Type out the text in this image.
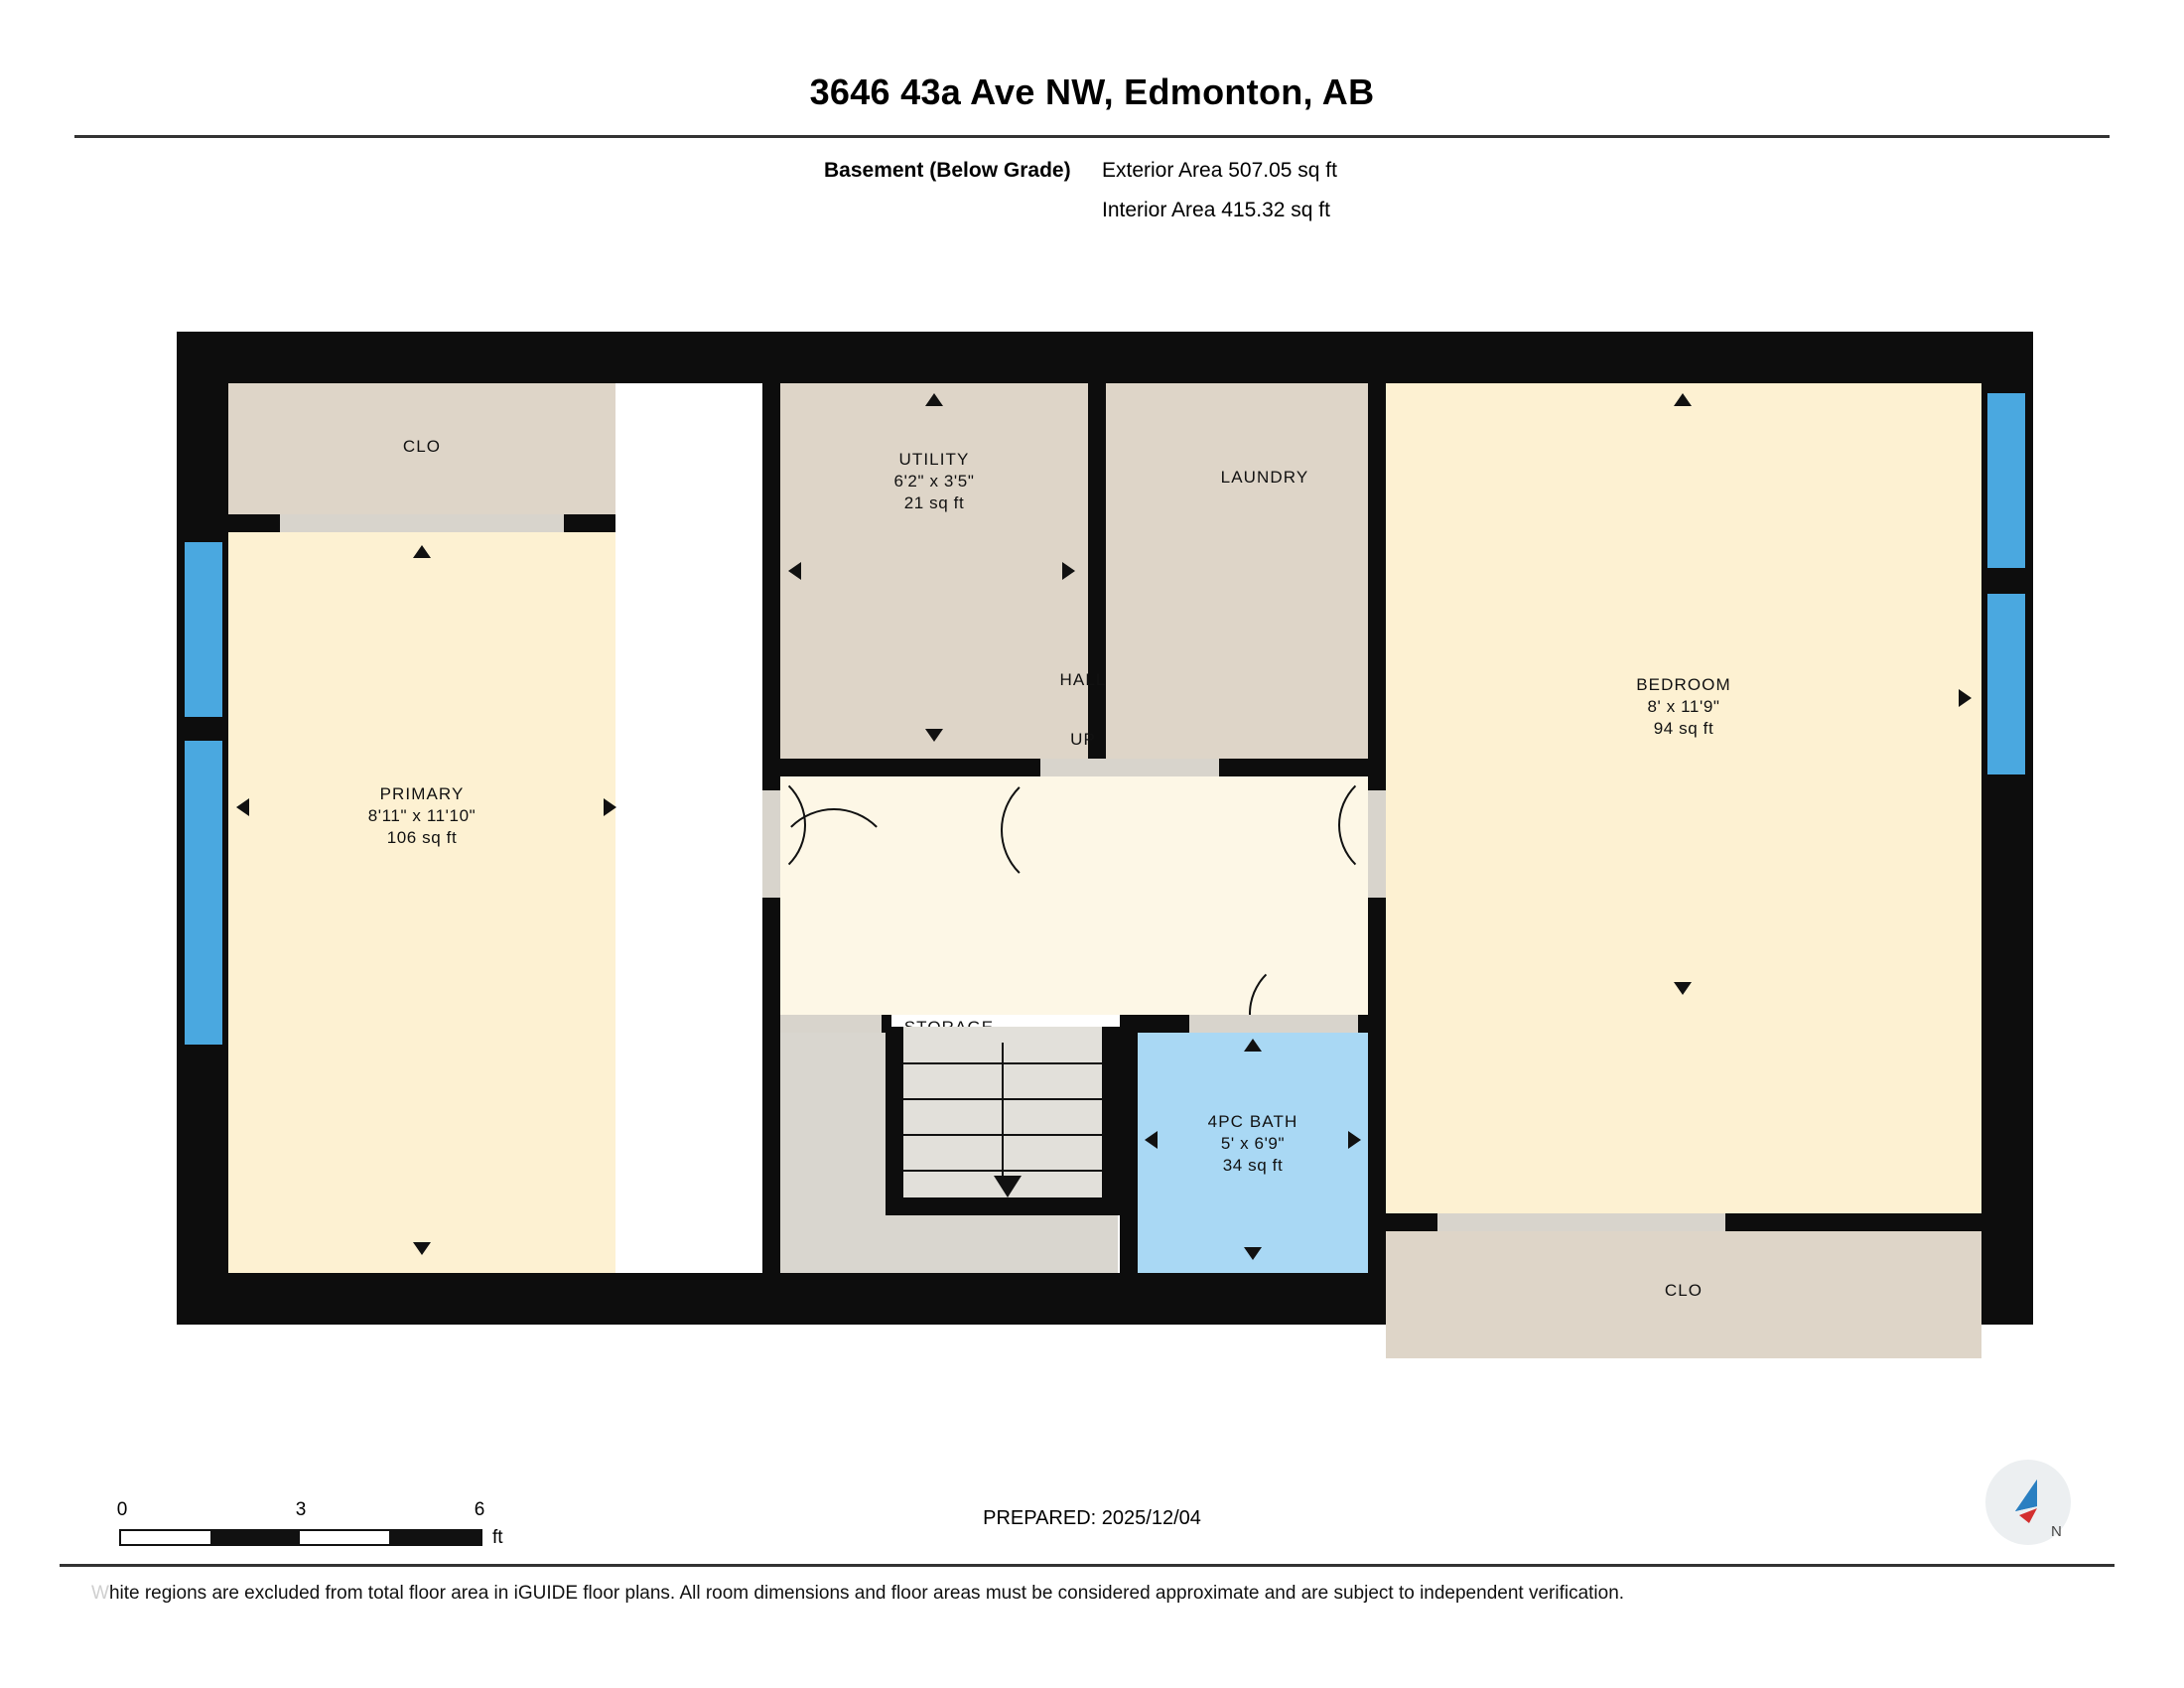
3646 43a Ave NW, Edmonton, AB
Basement (Below Grade)	Exterior Area 507.05 sq ft
Interior Area 415.32 sq ft
CLO
PRIMARY
8'11" x 11'10"
106 sq ft
UTILITY
6'2" x 3'5"
21 sq ft
LAUNDRY
BEDROOM
8' x 11'9"
94 sq ft
CLO
HALL
UP
4PC BATH
5' x 6'9"
34 sq ft
0	3	6
ft
PREPARED: 2025/12/04
N
White regions are excluded from total floor area in iGUIDE floor plans. All room dimensions and floor areas must be considered approximate and are subject to independent verification.
